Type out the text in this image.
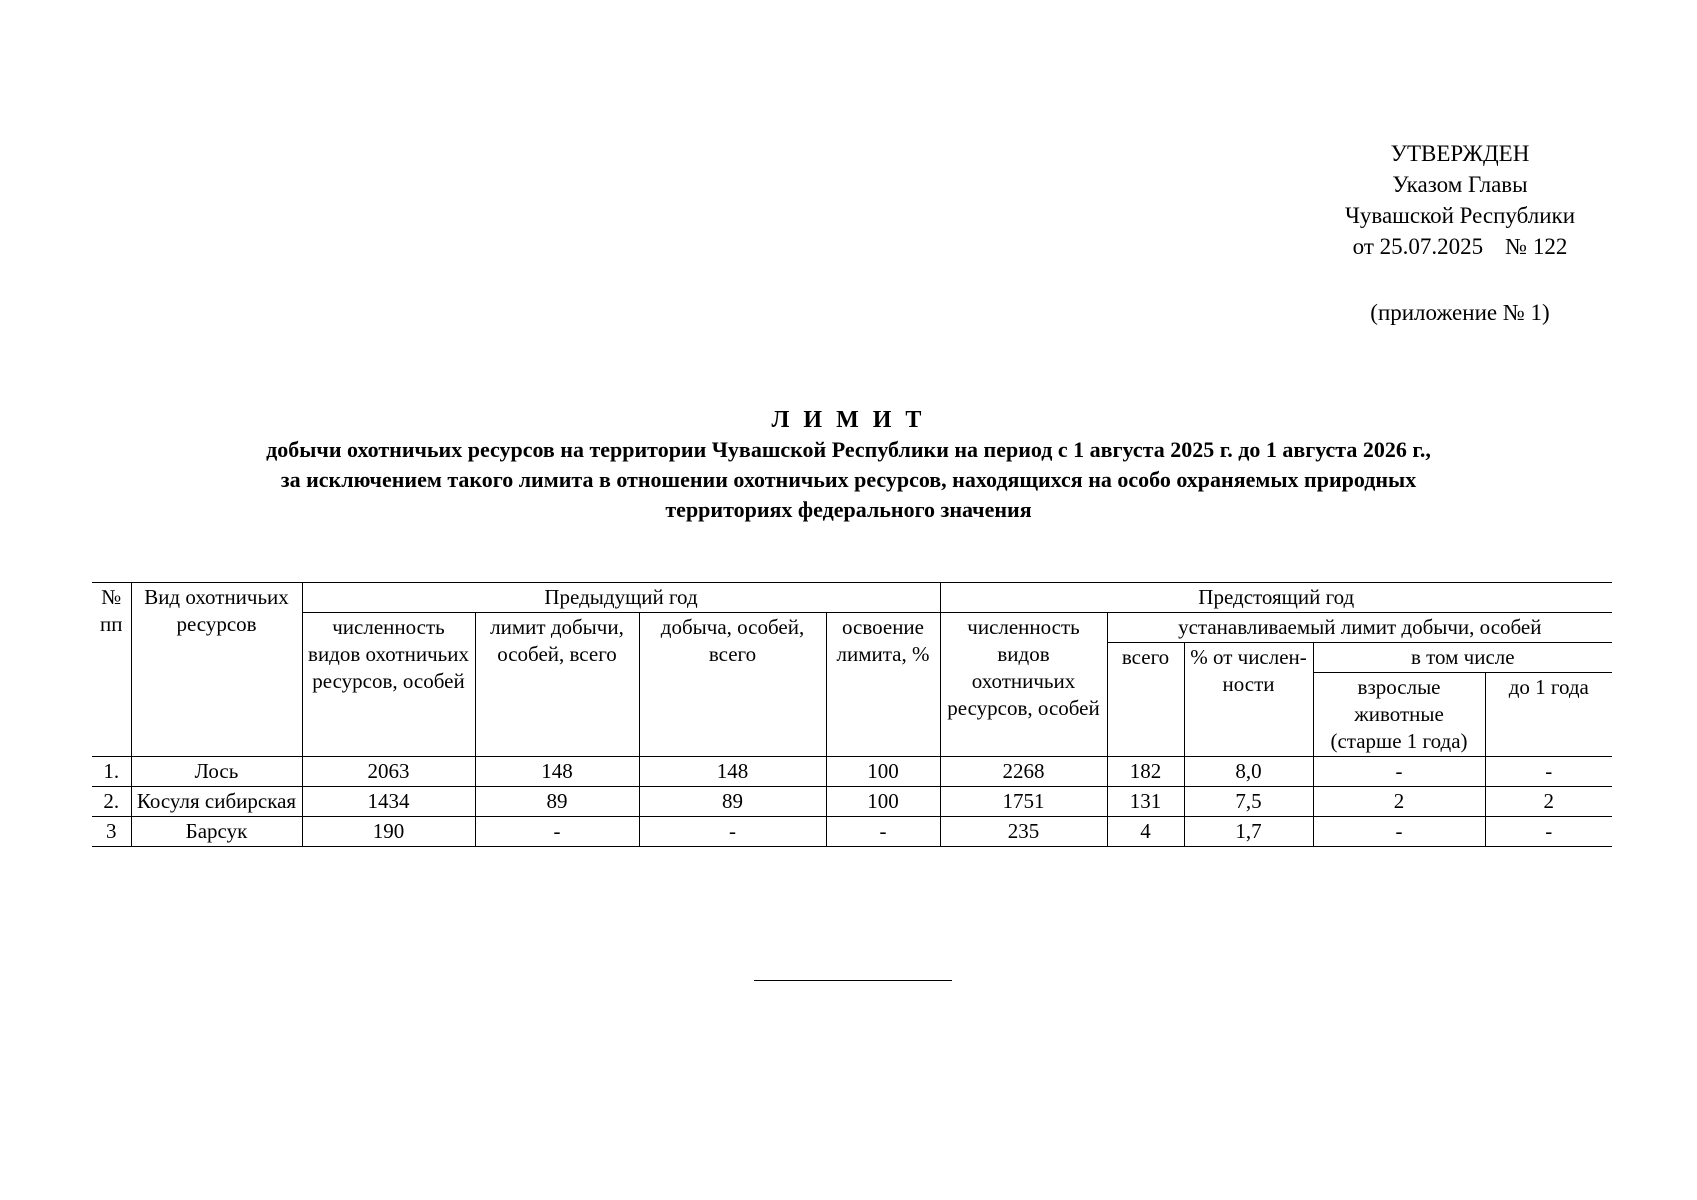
УТВЕРЖДЕН
Указом Главы
Чувашской Республики
от 25.07.2025 № 122
(приложение № 1)
Л И М И Т
добычи охотничьих ресурсов на территории Чувашской Республики на период с 1 августа 2025 г. до 1 августа 2026 г.,
за исключением такого лимита в отношении охотничьих ресурсов, находящихся на особо охраняемых природных
территориях федерального значения
№ пп	Вид охотничьих ресурсов	Предыдущий год				Предстоящий год				
		численность видов охотничьих ресурсов, особей	лимит добычи, особей, всего	добыча, особей, всего	освоение лимита, %	численность видов охотничьих ресурсов, особей	устанавливаемый лимит добычи, особей			
							всего	% от числен-ности	в том числе	
									взрослые животные (старше 1 года)	до 1 года
1.	Лось	2063	148	148	100	2268	182	8,0	-	-
2.	Косуля сибирская	1434	89	89	100	1751	131	7,5	2	2
3	Барсук	190	-	-	-	235	4	1,7	-	-
